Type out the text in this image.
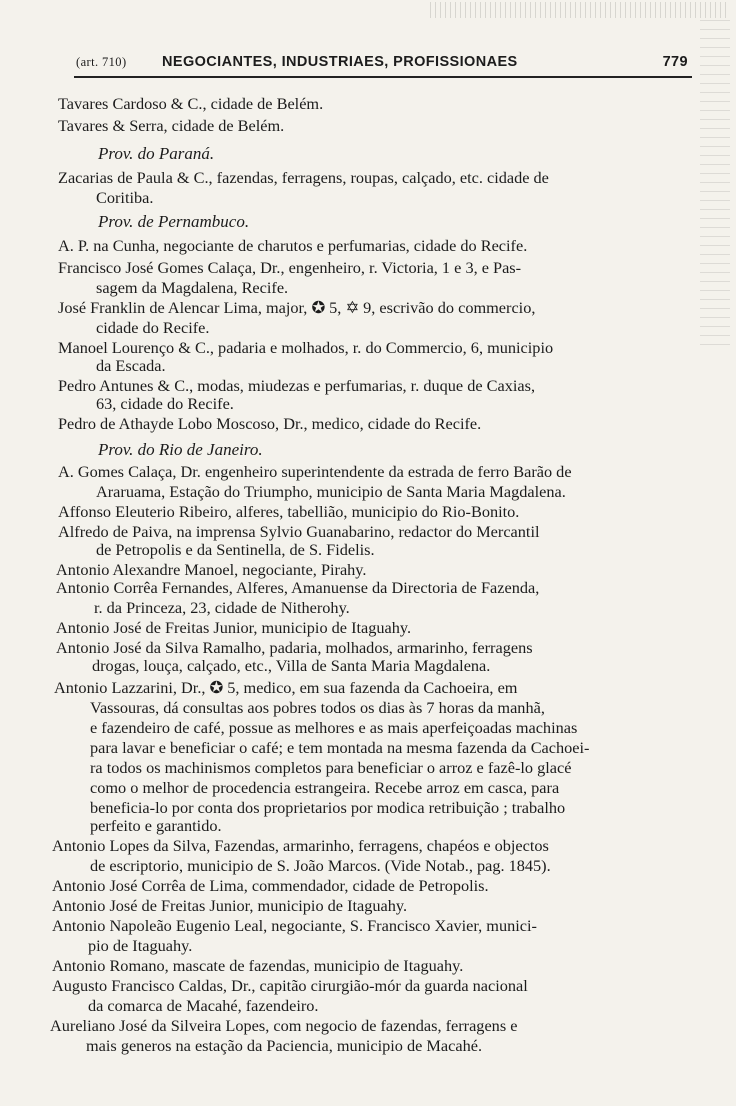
(art. 710) NEGOCIANTES, INDUSTRIAES, PROFISSIONAES	779
Tavares Cardoso & C., cidade de Belém.
Tavares & Serra, cidade de Belém.
Prov. do Paraná.
Zacarias de Paula & C., fazendas, ferragens, roupas, calçado, etc. cidade de
Coritiba.
Prov. de Pernambuco.
A. P. na Cunha, negociante de charutos e perfumarias, cidade do Recife.
Francisco José Gomes Calaça, Dr., engenheiro, r. Victoria, 1 e 3, e Pas-
sagem da Magdalena, Recife.
José Franklin de Alencar Lima, major, ✪ 5, ✡ 9, escrivão do commercio,
cidade do Recife.
Manoel Lourenço & C., padaria e molhados, r. do Commercio, 6, municipio
da Escada.
Pedro Antunes & C., modas, miudezas e perfumarias, r. duque de Caxias,
63, cidade do Recife.
Pedro de Athayde Lobo Moscoso, Dr., medico, cidade do Recife.
Prov. do Rio de Janeiro.
A. Gomes Calaça, Dr. engenheiro superintendente da estrada de ferro Barão de
Araruama, Estação do Triumpho, municipio de Santa Maria Magdalena.
Affonso Eleuterio Ribeiro, alferes, tabellião, municipio do Rio-Bonito.
Alfredo de Paiva, na imprensa Sylvio Guanabarino, redactor do Mercantil
de Petropolis e da Sentinella, de S. Fidelis.
Antonio Alexandre Manoel, negociante, Pirahy.
Antonio Corrêa Fernandes, Alferes, Amanuense da Directoria de Fazenda,
r. da Princeza, 23, cidade de Nitherohy.
Antonio José de Freitas Junior, municipio de Itaguahy.
Antonio José da Silva Ramalho, padaria, molhados, armarinho, ferragens
drogas, louça, calçado, etc., Villa de Santa Maria Magdalena.
Antonio Lazzarini, Dr., ✪ 5, medico, em sua fazenda da Cachoeira, em
Vassouras, dá consultas aos pobres todos os dias às 7 horas da manhã,
e fazendeiro de café, possue as melhores e as mais aperfeiçoadas machinas
para lavar e beneficiar o café; e tem montada na mesma fazenda da Cachoei-
ra todos os machinismos completos para beneficiar o arroz e fazê-lo glacé
como o melhor de procedencia estrangeira. Recebe arroz em casca, para
beneficia-lo por conta dos proprietarios por modica retribuição ; trabalho
perfeito e garantido.
Antonio Lopes da Silva, Fazendas, armarinho, ferragens, chapéos e objectos
de escriptorio, municipio de S. João Marcos. (Vide Notab., pag. 1845).
Antonio José Corrêa de Lima, commendador, cidade de Petropolis.
Antonio José de Freitas Junior, municipio de Itaguahy.
Antonio Napoleão Eugenio Leal, negociante, S. Francisco Xavier, munici-
pio de Itaguahy.
Antonio Romano, mascate de fazendas, municipio de Itaguahy.
Augusto Francisco Caldas, Dr., capitão cirurgião-mór da guarda nacional
da comarca de Macahé, fazendeiro.
Aureliano José da Silveira Lopes, com negocio de fazendas, ferragens e
mais generos na estação da Paciencia, municipio de Macahé.
